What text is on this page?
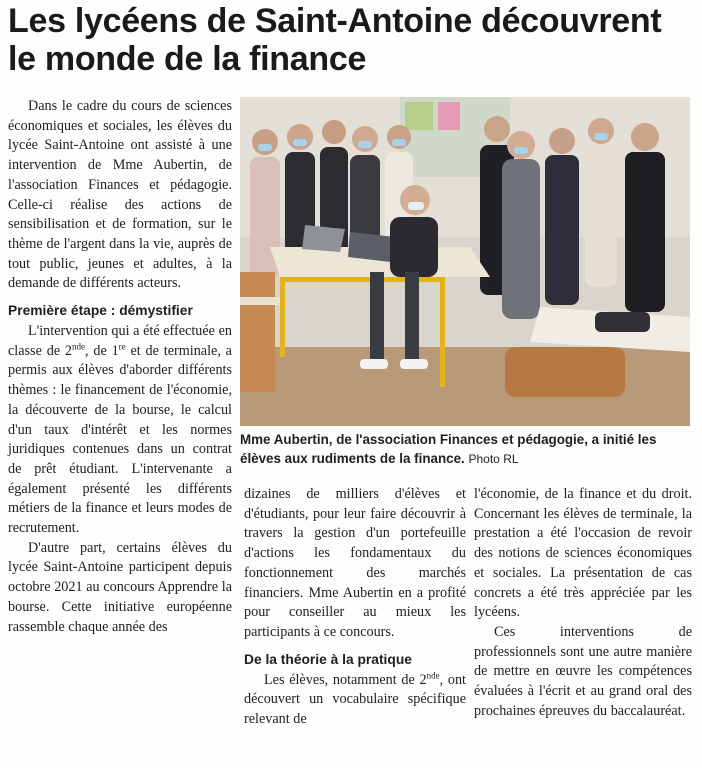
Les lycéens de Saint-Antoine découvrent
le monde de la finance

Dans le cadre du cours de sciences économiques et sociales, les élèves du lycée Saint-Antoine ont assisté à une intervention de Mme Aubertin, de l'association Finances et pédagogie. Celle-ci réalise des actions de sensibilisation et de formation, sur le thème de l'argent dans la vie, auprès de tout public, jeunes et adultes, à la demande de différents acteurs.

Première étape : démystifier

L'intervention qui a été effectuée en classe de 2nde, de 1re et de terminale, a permis aux élèves d'aborder différents thèmes : le financement de l'économie, la découverte de la bourse, le calcul d'un taux d'intérêt et les normes juridiques contenues dans un contrat de prêt étudiant. L'intervenante a également présenté les différents métiers de la finance et leurs modes de recrutement.

D'autre part, certains élèves du lycée Saint-Antoine participent depuis octobre 2021 au concours Apprendre la bourse. Cette initiative européenne rassemble chaque année des

Mme Aubertin, de l'association Finances et pédagogie, a initié les élèves aux rudiments de la finance. Photo RL

dizaines de milliers d'élèves et d'étudiants, pour leur faire découvrir à travers la gestion d'un portefeuille d'actions les fondamentaux du fonctionnement des marchés financiers. Mme Aubertin en a profité pour conseiller au mieux les participants à ce concours.

De la théorie à la pratique

Les élèves, notamment de 2nde, ont découvert un vocabulaire spécifique relevant de

l'économie, de la finance et du droit. Concernant les élèves de terminale, la prestation a été l'occasion de revoir des notions de sciences économiques et sociales. La présentation de cas concrets a été très appréciée par les lycéens.

Ces interventions de professionnels sont une autre manière de mettre en œuvre les compétences évaluées à l'écrit et au grand oral des prochaines épreuves du baccalauréat.
